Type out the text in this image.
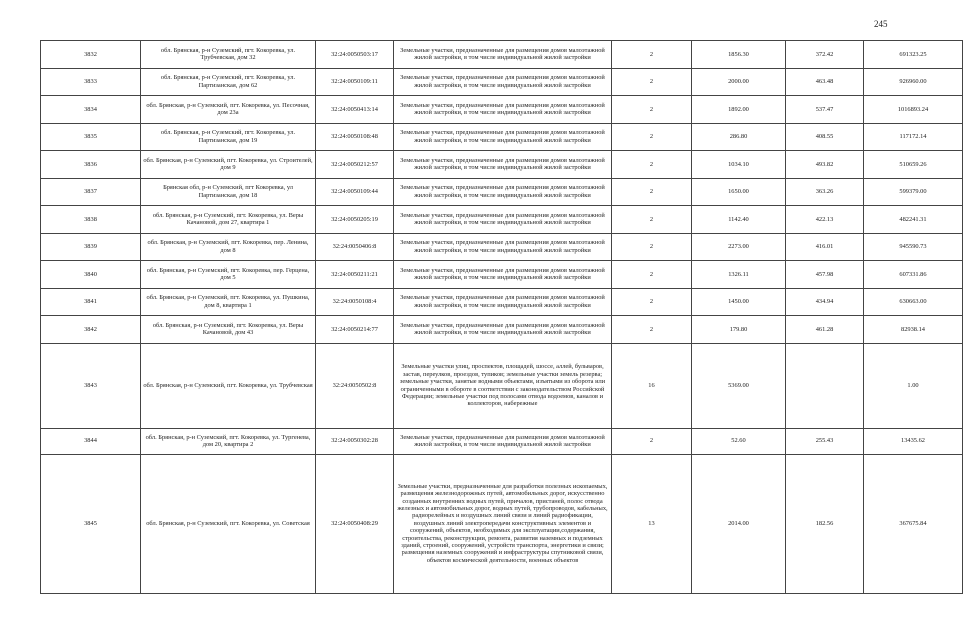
245
3832	обл. Брянская, р-н Суземский, пгт. Кокоревка, ул. Трубчевская, дом 32	32:24:0050503:17	Земельные участки, предназначенные для размещения домов малоэтажной жилой застройки, в том числе индивидуальной жилой застройки	2	1856.30	372.42	691323.25
3833	обл. Брянская, р-н Суземский, пгт. Кокоревка, ул. Партизанская, дом 62	32:24:0050109:11	Земельные участки, предназначенные для размещения домов малоэтажной жилой застройки, в том числе индивидуальной жилой застройки	2	2000.00	463.48	926960.00
3834	обл. Брянская, р-н Суземский, пгт. Кокоревка, ул. Песочная, дом 23а	32:24:0050413:14	Земельные участки, предназначенные для размещения домов малоэтажной жилой застройки, в том числе индивидуальной жилой застройки	2	1892.00	537.47	1016893.24
3835	обл. Брянская, р-н Суземский, пгт. Кокоревка, ул. Партизанская, дом 19	32:24:0050108:48	Земельные участки, предназначенные для размещения домов малоэтажной жилой застройки, в том числе индивидуальной жилой застройки	2	286.80	408.55	117172.14
3836	обл. Брянская, р-н Суземский, пгт. Кокоревка, ул. Строителей, дом 9	32:24:0050212:57	Земельные участки, предназначенные для размещения домов малоэтажной жилой застройки, в том числе индивидуальной жилой застройки	2	1034.10	493.82	510659.26
3837	Брянская обл, р-н Суземский, пгт Кокоревка, ул Партизанская, дом 18	32:24:0050109:44	Земельные участки, предназначенные для размещения домов малоэтажной жилой застройки, в том числе индивидуальной жилой застройки	2	1650.00	363.26	599379.00
3838	обл. Брянская, р-н Суземский, пгт. Кокоревка, ул. Веры Качановой, дом 27, квартира 1	32:24:0050205:19	Земельные участки, предназначенные для размещения домов малоэтажной жилой застройки, в том числе индивидуальной жилой застройки	2	1142.40	422.13	482241.31
3839	обл. Брянская, р-н Суземский, пгт. Кокоревка, пер. Ленина, дом 8	32:24:0050406:8	Земельные участки, предназначенные для размещения домов малоэтажной жилой застройки, в том числе индивидуальной жилой застройки	2	2273.00	416.01	945590.73
3840	обл. Брянская, р-н Суземский, пгт. Кокоревка, пер. Герцена, дом 5	32:24:0050211:21	Земельные участки, предназначенные для размещения домов малоэтажной жилой застройки, в том числе индивидуальной жилой застройки	2	1326.11	457.98	607331.86
3841	обл. Брянская, р-н Суземский, пгт. Кокоревка, ул. Пушкина, дом 8, квартира 1	32:24:0050108:4	Земельные участки, предназначенные для размещения домов малоэтажной жилой застройки, в том числе индивидуальной жилой застройки	2	1450.00	434.94	630663.00
3842	обл. Брянская, р-н Суземский, пгт. Кокоревка, ул. Веры Качановой, дом 43	32:24:0050214:77	Земельные участки, предназначенные для размещения домов малоэтажной жилой застройки, в том числе индивидуальной жилой застройки	2	179.80	461.28	82938.14
3843	обл. Брянская, р-н Суземский, пгт. Кокоревка, ул. Трубчевская	32:24:0050502:8	Земельные участки улиц, проспектов, площадей, шоссе, аллей, бульваров, застав, переулков, проездов, тупиков; земельные участки земель резерва; земельные участки, занятые водными объектами, изъятыми из оборота или ограниченными в обороте в соответствии с законодательством Российской Федерации; земельные участки под полосами отвода водоемов, каналов и коллекторов, набережные	16	5369.00		1.00
3844	обл. Брянская, р-н Суземский, пгт. Кокоревка, ул. Тургенева, дом 20, квартира 2	32:24:0050302:28	Земельные участки, предназначенные для размещения домов малоэтажной жилой застройки, в том числе индивидуальной жилой застройки	2	52.60	255.43	13435.62
3845	обл. Брянская, р-н Суземский, пгт. Кокоревка, ул. Советская	32:24:0050408:29	Земельные участки, предназначенные для разработки полезных ископаемых, размещения железнодорожных путей, автомобильных дорог, искусственно созданных внутренних водных путей, причалов, пристаней, полос отвода железных и автомобильных дорог, водных путей, трубопроводов, кабельных, радиорелейных и воздушных линий связи и линий радиофикации, воздушных линий электропередачи конструктивных элементов и сооружений, объектов, необходимых для эксплуатации,содержания, строительства, реконструкции, ремонта, развития наземных и подземных зданий, строений, сооружений, устройств транспорта, энергетики и связи; размещения наземных сооружений и инфраструктуры спутниковой связи, объектов космической деятельности, военных объектов	13	2014.00	182.56	367675.84
